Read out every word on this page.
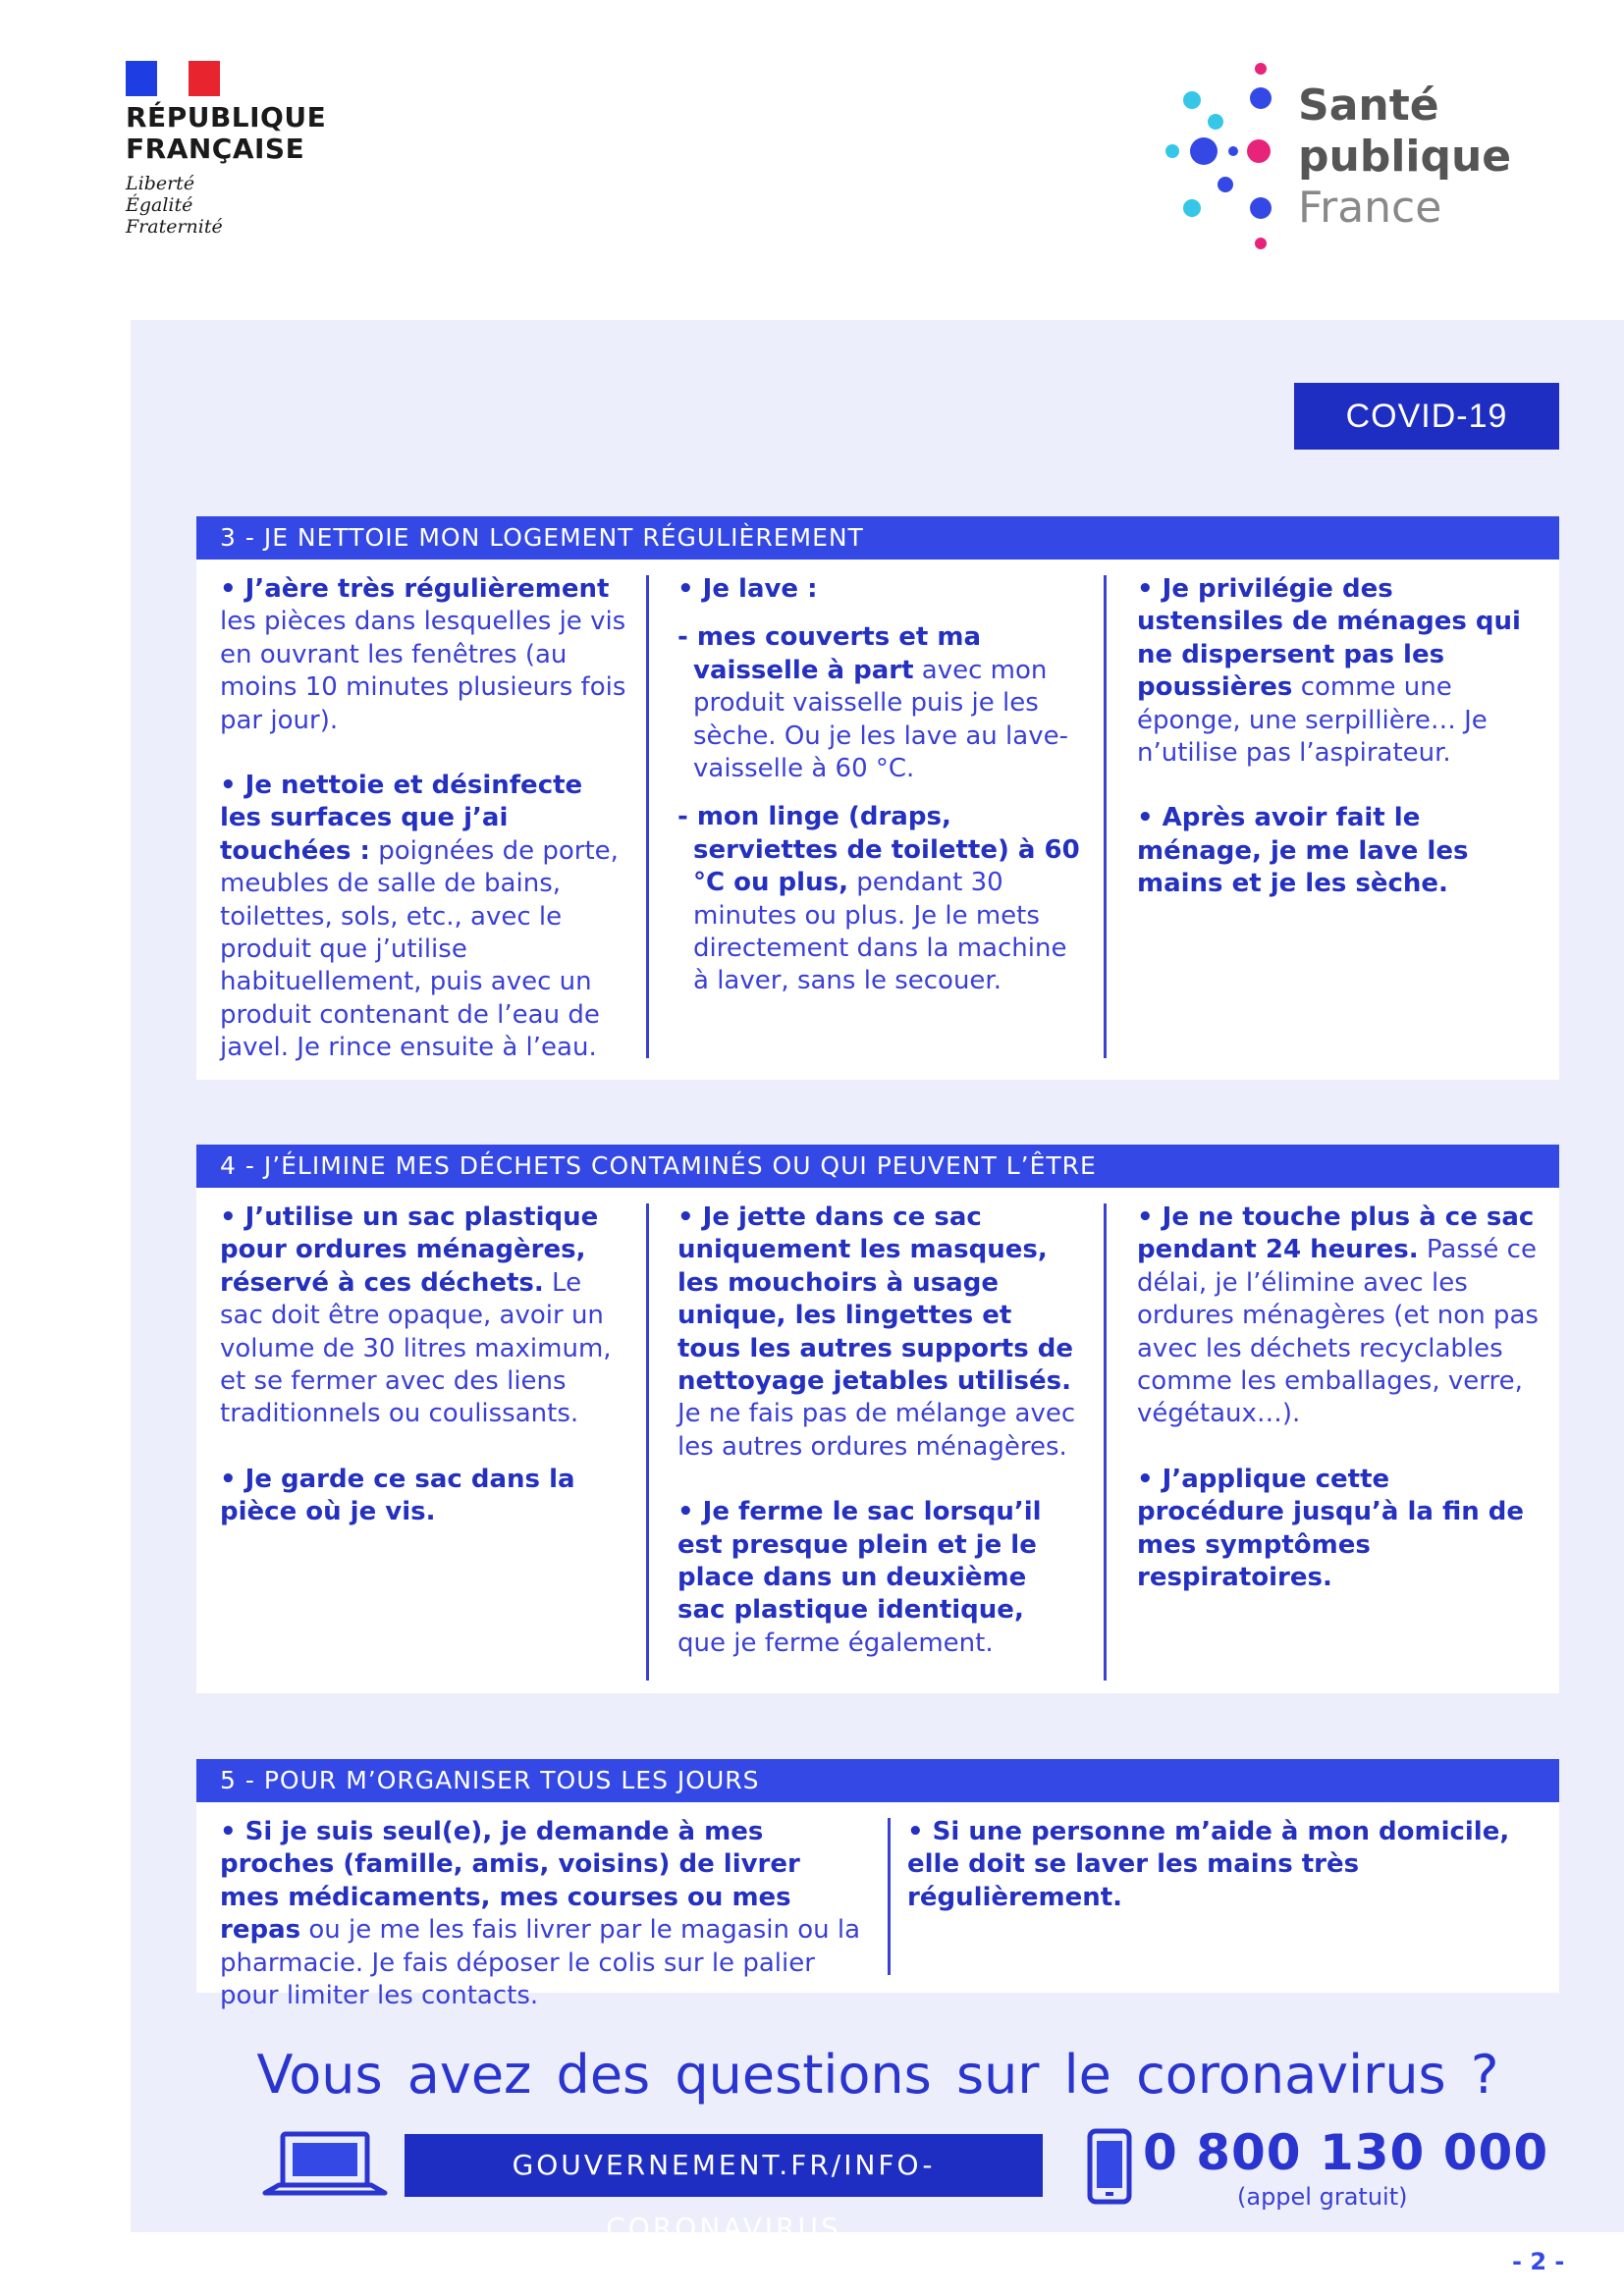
RÉPUBLIQUE
FRANÇAISE
Liberté
Égalité
Fraternité
Santé
publique
France
COVID-19
3 - JE NETTOIE MON LOGEMENT RÉGULIÈREMENT

• J’aère très régulièrement les pièces dans lesquelles je vis en ouvrant les fenêtres (au moins 10 minutes plusieurs fois par jour).

• Je nettoie et désinfecte les surfaces que j’ai touchées : poignées de porte, meubles de salle de bains, toilettes, sols, etc., avec le produit que j’utilise habituellement, puis avec un produit contenant de l’eau de javel. Je rince ensuite à l’eau.

• Je lave :

- mes couverts et ma vaisselle à part avec mon produit vaisselle puis je les sèche. Ou je les lave au lave-vaisselle à 60 °C.
- mon linge (draps, serviettes de toilette) à 60 °C ou plus, pendant 30 minutes ou plus. Je le mets directement dans la machine à laver, sans le secouer.

• Je privilégie des ustensiles de ménages qui ne dispersent pas les poussières comme une éponge, une serpillière… Je n’utilise pas l’aspirateur.

• Après avoir fait le ménage, je me lave les mains et je les sèche.

4 - J’ÉLIMINE MES DÉCHETS CONTAMINÉS OU QUI PEUVENT L’ÊTRE

• J’utilise un sac plastique pour ordures ménagères, réservé à ces déchets. Le sac doit être opaque, avoir un volume de 30 litres maximum, et se fermer avec des liens traditionnels ou coulissants.

• Je garde ce sac dans la pièce où je vis.

• Je jette dans ce sac uniquement les masques, les mouchoirs à usage unique, les lingettes et tous les autres supports de nettoyage jetables utilisés. Je ne fais pas de mélange avec les autres ordures ménagères.

• Je ferme le sac lorsqu’il est presque plein et je le place dans un deuxième sac plastique identique, que je ferme également.

• Je ne touche plus à ce sac pendant 24 heures. Passé ce délai, je l’élimine avec les ordures ménagères (et non pas avec les déchets recyclables comme les emballages, verre, végétaux…).

• J’applique cette procédure jusqu’à la fin de mes symptômes respiratoires.

5 - POUR M’ORGANISER TOUS LES JOURS

• Si je suis seul(e), je demande à mes proches (famille, amis, voisins) de livrer mes médicaments, mes courses ou mes repas ou je me les fais livrer par le magasin ou la pharmacie. Je fais déposer le colis sur le palier pour limiter les contacts.

• Si une personne m’aide à mon domicile, elle doit se laver les mains très régulièrement.

Vous avez des questions sur le coronavirus ?
GOUVERNEMENT.FR/INFO-CORONAVIRUS
0 800 130 000
(appel gratuit)
- 2 -
